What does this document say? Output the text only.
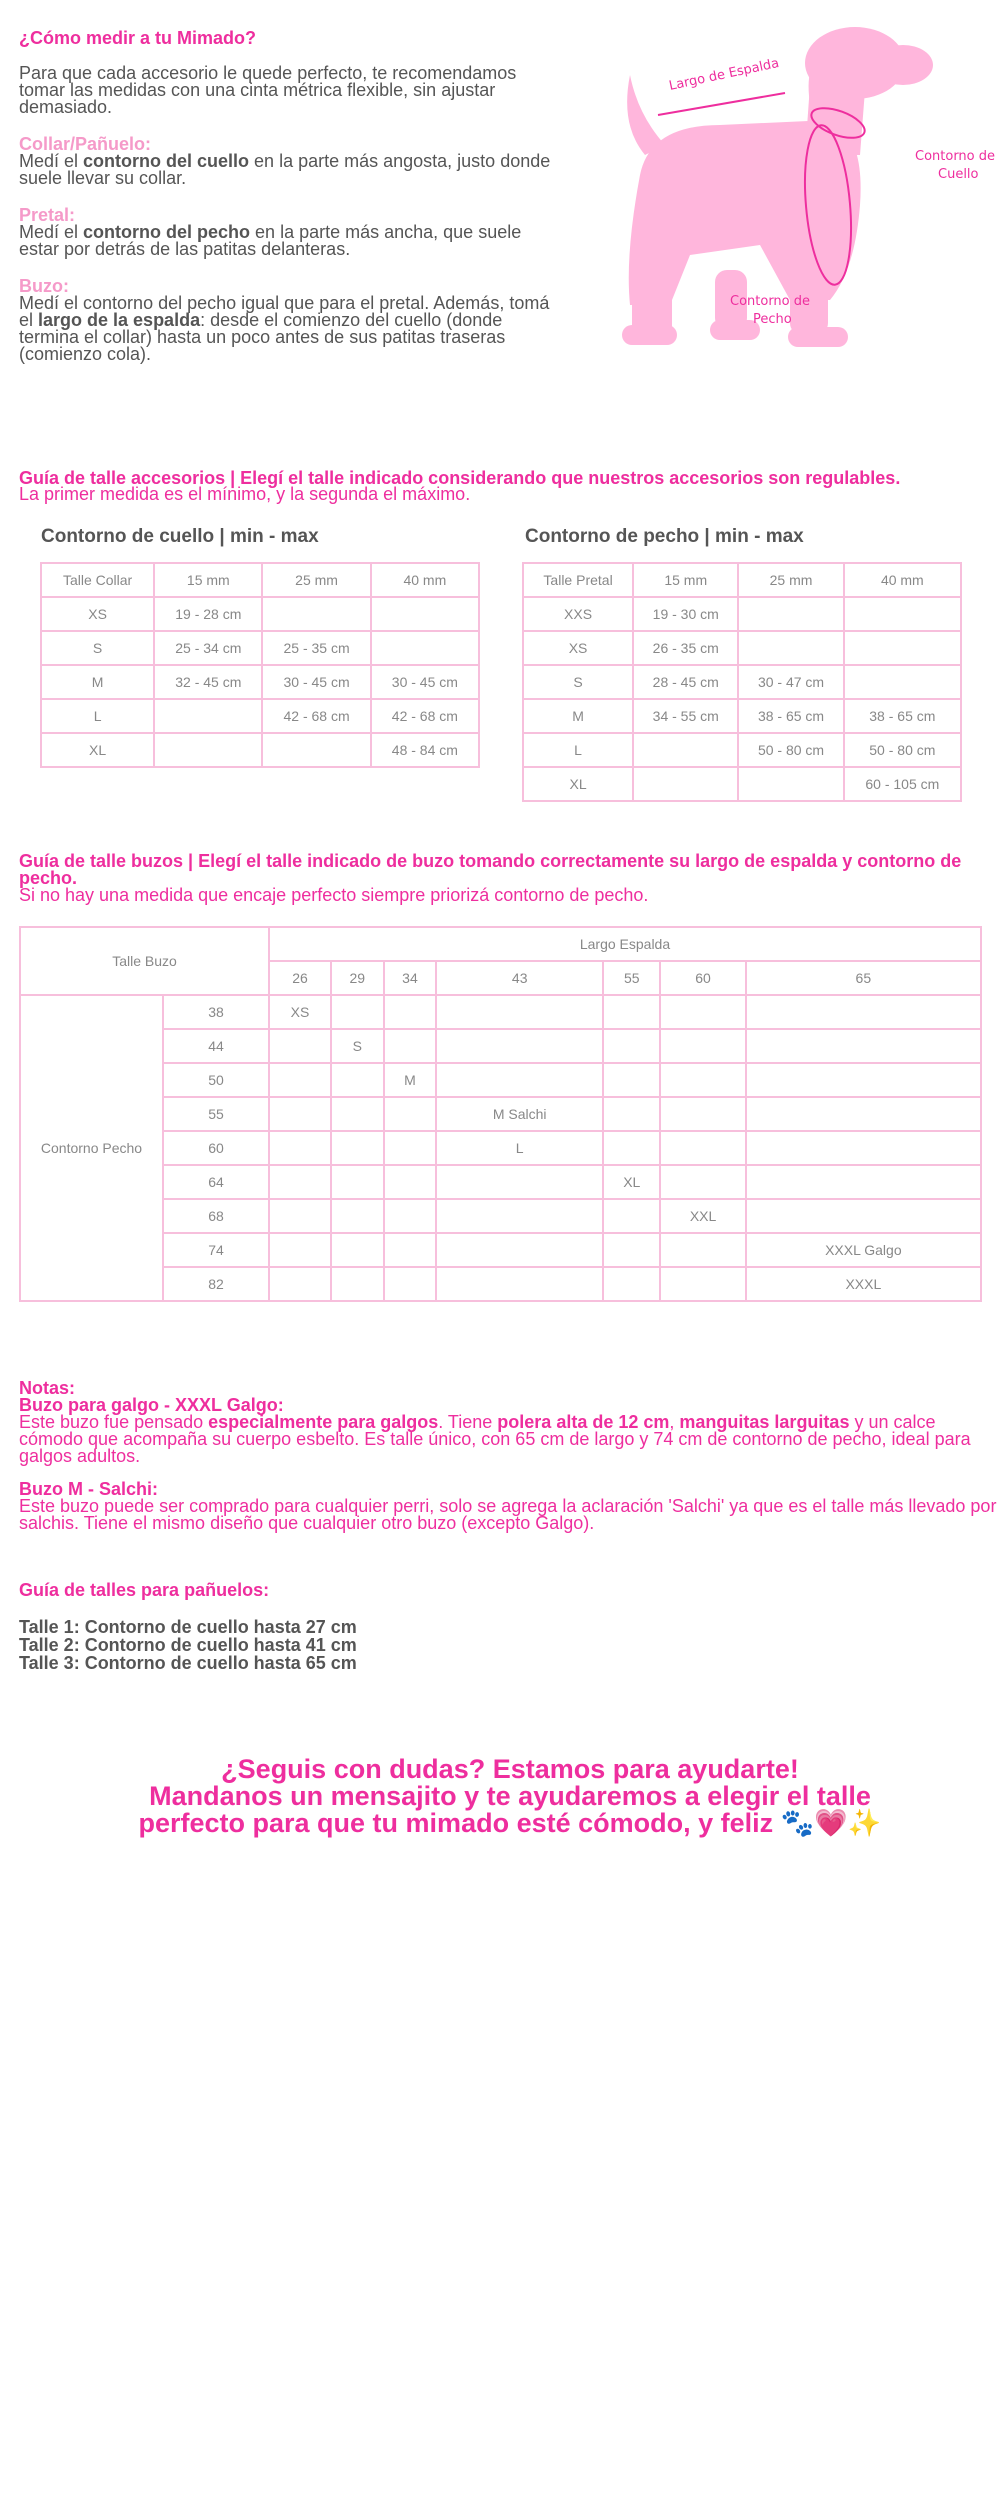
¿Cómo medir a tu Mimado?

Para que cada accesorio le quede perfecto, te recomendamos tomar las medidas con una cinta métrica flexible, sin ajustar demasiado.

Collar/Pañuelo:

Medí el contorno del cuello en la parte más angosta, justo donde suele llevar su collar.

Pretal:

Medí el contorno del pecho en la parte más ancha, que suele estar por detrás de las patitas delanteras.

Buzo:

Medí el contorno del pecho igual que para el pretal. Además, tomá el largo de la espalda: desde el comienzo del cuello (donde termina el collar) hasta un poco antes de sus patitas traseras (comienzo cola).

Largo de Espalda
Contorno de
Cuello
Contorno de
Pecho
Guía de talle accesorios | Elegí el talle indicado considerando que nuestros accesorios son regulables.
La primer medida es el mínimo, y la segunda el máximo.
Contorno de cuello | min - max
Talle Collar	15 mm	25 mm	40 mm
XS	19 - 28 cm		
S	25 - 34 cm	25 - 35 cm	
M	32 - 45 cm	30 - 45 cm	30 - 45 cm
L		42 - 68 cm	42 - 68 cm
XL			48 - 84 cm
Contorno de pecho | min - max
Talle Pretal	15 mm	25 mm	40 mm
XXS	19 - 30 cm		
XS	26 - 35 cm		
S	28 - 45 cm	30 - 47 cm	
M	34 - 55 cm	38 - 65 cm	38 - 65 cm
L		50 - 80 cm	50 - 80 cm
XL			60 - 105 cm
Guía de talle buzos | Elegí el talle indicado de buzo tomando correctamente su largo de espalda y contorno de pecho.
Si no hay una medida que encaje perfecto siempre priorizá contorno de pecho.
Talle Buzo		Largo Espalda						
		26	29	34	43	55	60	65
Contorno Pecho	38	XS						
	44		S					
	50			M				
	55				M Salchi			
	60				L			
	64					XL		
	68						XXL	
	74							XXXL Galgo
	82							XXXL

Notas:

Buzo para galgo - XXXL Galgo:

Este buzo fue pensado especialmente para galgos. Tiene polera alta de 12 cm, manguitas larguitas y un calce cómodo que acompaña su cuerpo esbelto. Es talle único, con 65 cm de largo y 74 cm de contorno de pecho, ideal para galgos adultos.

Buzo M - Salchi:

Este buzo puede ser comprado para cualquier perri, solo se agrega la aclaración 'Salchi' ya que es el talle más llevado por salchis. Tiene el mismo diseño que cualquier otro buzo (excepto Galgo).

Guía de talles para pañuelos:
Talle 1: Contorno de cuello hasta 27 cm
Talle 2: Contorno de cuello hasta 41 cm
Talle 3: Contorno de cuello hasta 65 cm
¿Seguis con dudas? Estamos para ayudarte!
Mandanos un mensajito y te ayudaremos a elegir el talle
perfecto para que tu mimado esté cómodo, y feliz 🐾💗✨
